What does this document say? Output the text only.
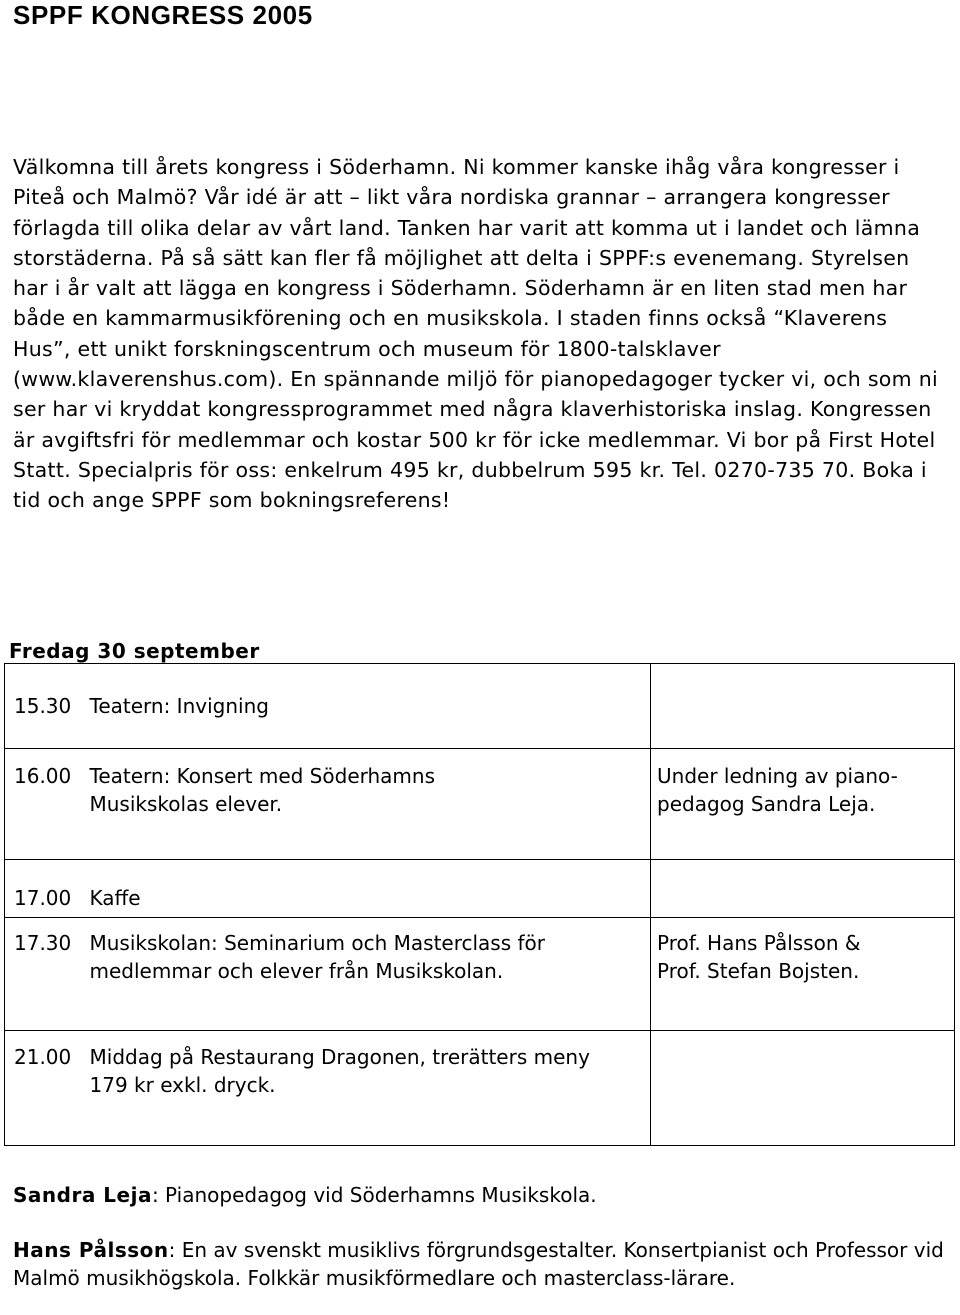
SPPF KONGRESS 2005

Välkomna till årets kongress i Söderhamn. Ni kommer kanske ihåg våra kongresser i Piteå och Malmö? Vår idé är att – likt våra nordiska grannar – arrangera kongresser förlagda till olika delar av vårt land. Tanken har varit att komma ut i landet och lämna storstäderna. På så sätt kan fler få möjlighet att delta i SPPF:s evenemang. Styrelsen har i år valt att lägga en kongress i Söderhamn. Söderhamn är en liten stad men har både en kammarmusikförening och en musikskola. I staden finns också “Klaverens Hus”, ett unikt forskningscentrum och museum för 1800-talsklaver (www.klaverenshus.com). En spännande miljö för pianopedagoger tycker vi, och som ni ser har vi kryddat kongressprogrammet med några klaverhistoriska inslag. Kongressen är avgiftsfri för medlemmar och kostar 500 kr för icke medlemmar. Vi bor på First Hotel Statt. Specialpris för oss: enkelrum 495 kr, dubbelrum 595 kr. Tel. 0270-735 70. Boka i tid och ange SPPF som bokningsreferens!

Fredag 30 september
15.30	Teatern: Invigning	

16.00	Teatern: Konsert med Söderhamns Musikskolas elever.	Under ledning av piano-pedagog Sandra Leja.

17.00	Kaffe	

17.30	Musikskolan: Seminarium och Masterclass för medlemmar och elever från Musikskolan.	Prof. Hans Pålsson & Prof. Stefan Bojsten.

21.00	Middag på Restaurang Dragonen, trerätters meny 179 kr exkl. dryck.	

Sandra Leja: Pianopedagog vid Söderhamns Musikskola.

Hans Pålsson: En av svenskt musiklivs förgrundsgestalter. Konsertpianist och Professor vid Malmö musikhögskola. Folkkär musikförmedlare och masterclass-lärare.
